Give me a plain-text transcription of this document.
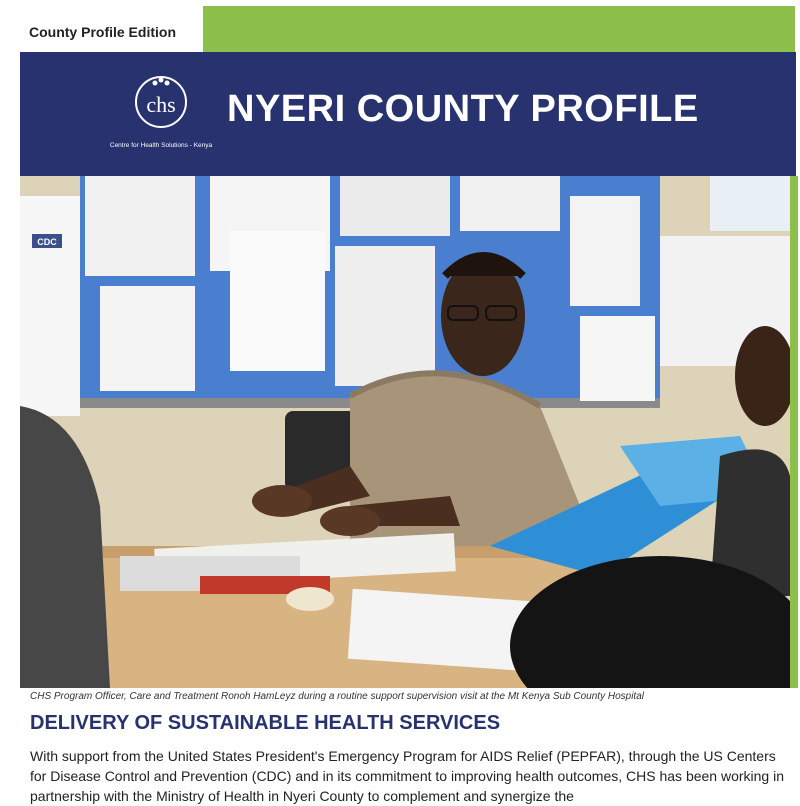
County Profile Edition
chs
Centre for Health Solutions - Kenya
NYERI COUNTY PROFILE
CDC
CHS Program Officer, Care and Treatment Ronoh HamLeyz during a routine support supervision visit at the Mt Kenya Sub County Hospital
DELIVERY OF SUSTAINABLE HEALTH SERVICES
With support from the United States President's Emergency Program for AIDS Relief (PEPFAR), through the US Centers for Disease Control and Prevention (CDC) and in its commitment to improving health outcomes, CHS has been working in partnership with the Ministry of Health in Nyeri County to complement and synergize the
